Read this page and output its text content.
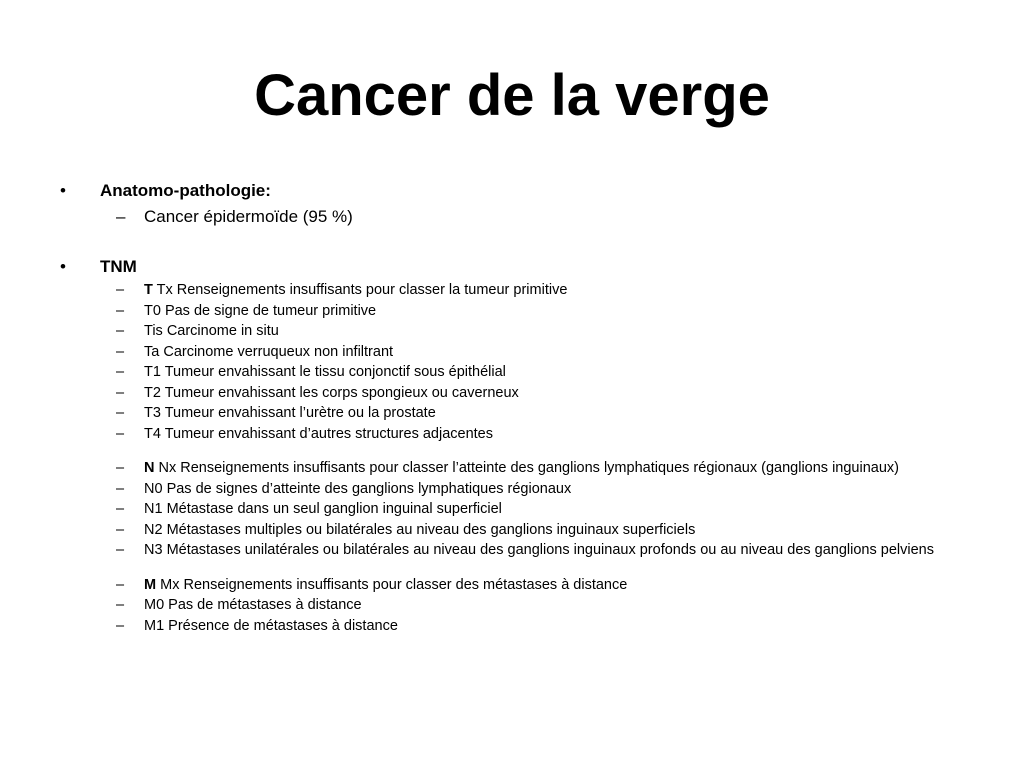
Cancer de la verge
• Anatomo-pathologie:
– Cancer épidermoïde (95 %)
• TNM
– T Tx Renseignements insuffisants pour classer la tumeur primitive
– T0 Pas de signe de tumeur primitive
– Tis Carcinome in situ
– Ta Carcinome verruqueux non infiltrant
– T1 Tumeur envahissant le tissu conjonctif sous épithélial
– T2 Tumeur envahissant les corps spongieux ou caverneux
– T3 Tumeur envahissant l’urètre ou la prostate
– T4 Tumeur envahissant d’autres structures adjacentes
– N Nx Renseignements insuffisants pour classer l’atteinte des ganglions lymphatiques régionaux (ganglions inguinaux)
– N0 Pas de signes d’atteinte des ganglions lymphatiques régionaux
– N1 Métastase dans un seul ganglion inguinal superficiel
– N2 Métastases multiples ou bilatérales au niveau des ganglions inguinaux superficiels
– N3 Métastases unilatérales ou bilatérales au niveau des ganglions inguinaux profonds ou au niveau des ganglions pelviens
– M Mx Renseignements insuffisants pour classer des métastases à distance
– M0 Pas de métastases à distance
– M1 Présence de métastases à distance
